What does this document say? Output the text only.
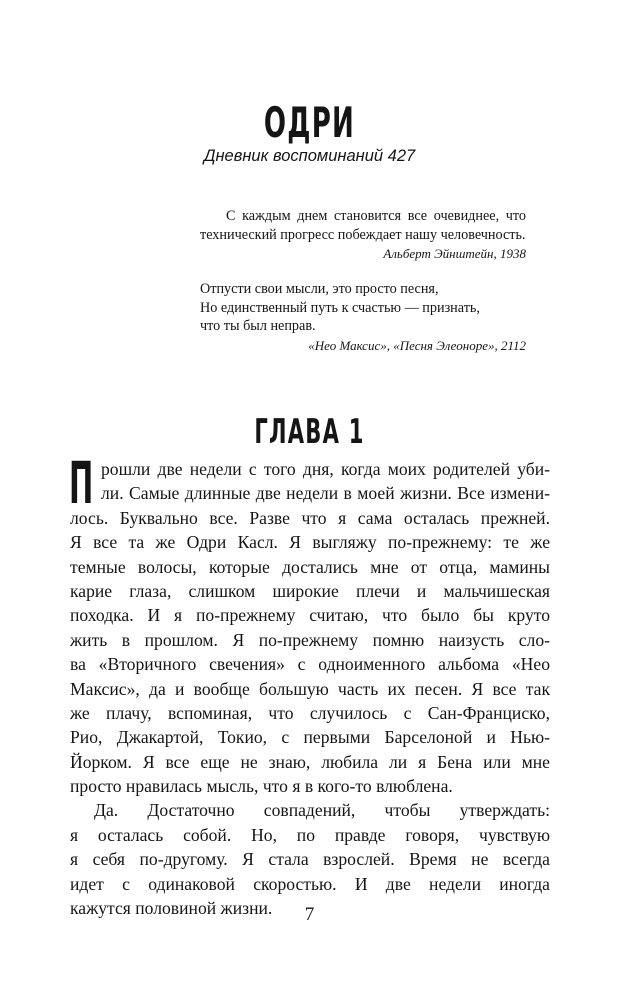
ОДРИ
Дневник воспоминаний 427

С каждым днем становится все очевиднее, что технический прогресс побеждает нашу человечность.

Альберт Эйнштейн, 1938

Отпусти свои мысли, это просто песня,
Но единственный путь к счастью — признать,
что ты был неправ.

«Нео Максис», «Песня Элеоноре», 2112

ГЛАВА 1
П рошли две недели с того дня, когда моих родителей уби-
ли. Самые длинные две недели в моей жизни. Все измени-
лось. Буквально все. Разве что я сама осталась прежней.
Я все та же Одри Касл. Я выгляжу по-прежнему: те же
темные волосы, которые достались мне от отца, мамины
карие глаза, слишком широкие плечи и мальчишеская
походка. И я по-прежнему считаю, что было бы круто
жить в прошлом. Я по-прежнему помню наизусть сло-
ва «Вторичного свечения» с одноименного альбома «Нео
Максис», да и вообще большую часть их песен. Я все так
же плачу, вспоминая, что случилось с Сан-Франциско,
Рио, Джакартой, Токио, с первыми Барселоной и Нью-
Йорком. Я все еще не знаю, любила ли я Бена или мне
просто нравилась мысль, что я в кого-то влюблена.
Да. Достаточно совпадений, чтобы утверждать:
я осталась собой. Но, по правде говоря, чувствую
я себя по-другому. Я стала взрослей. Время не всегда
идет с одинаковой скоростью. И две недели иногда
кажутся половиной жизни.	7
